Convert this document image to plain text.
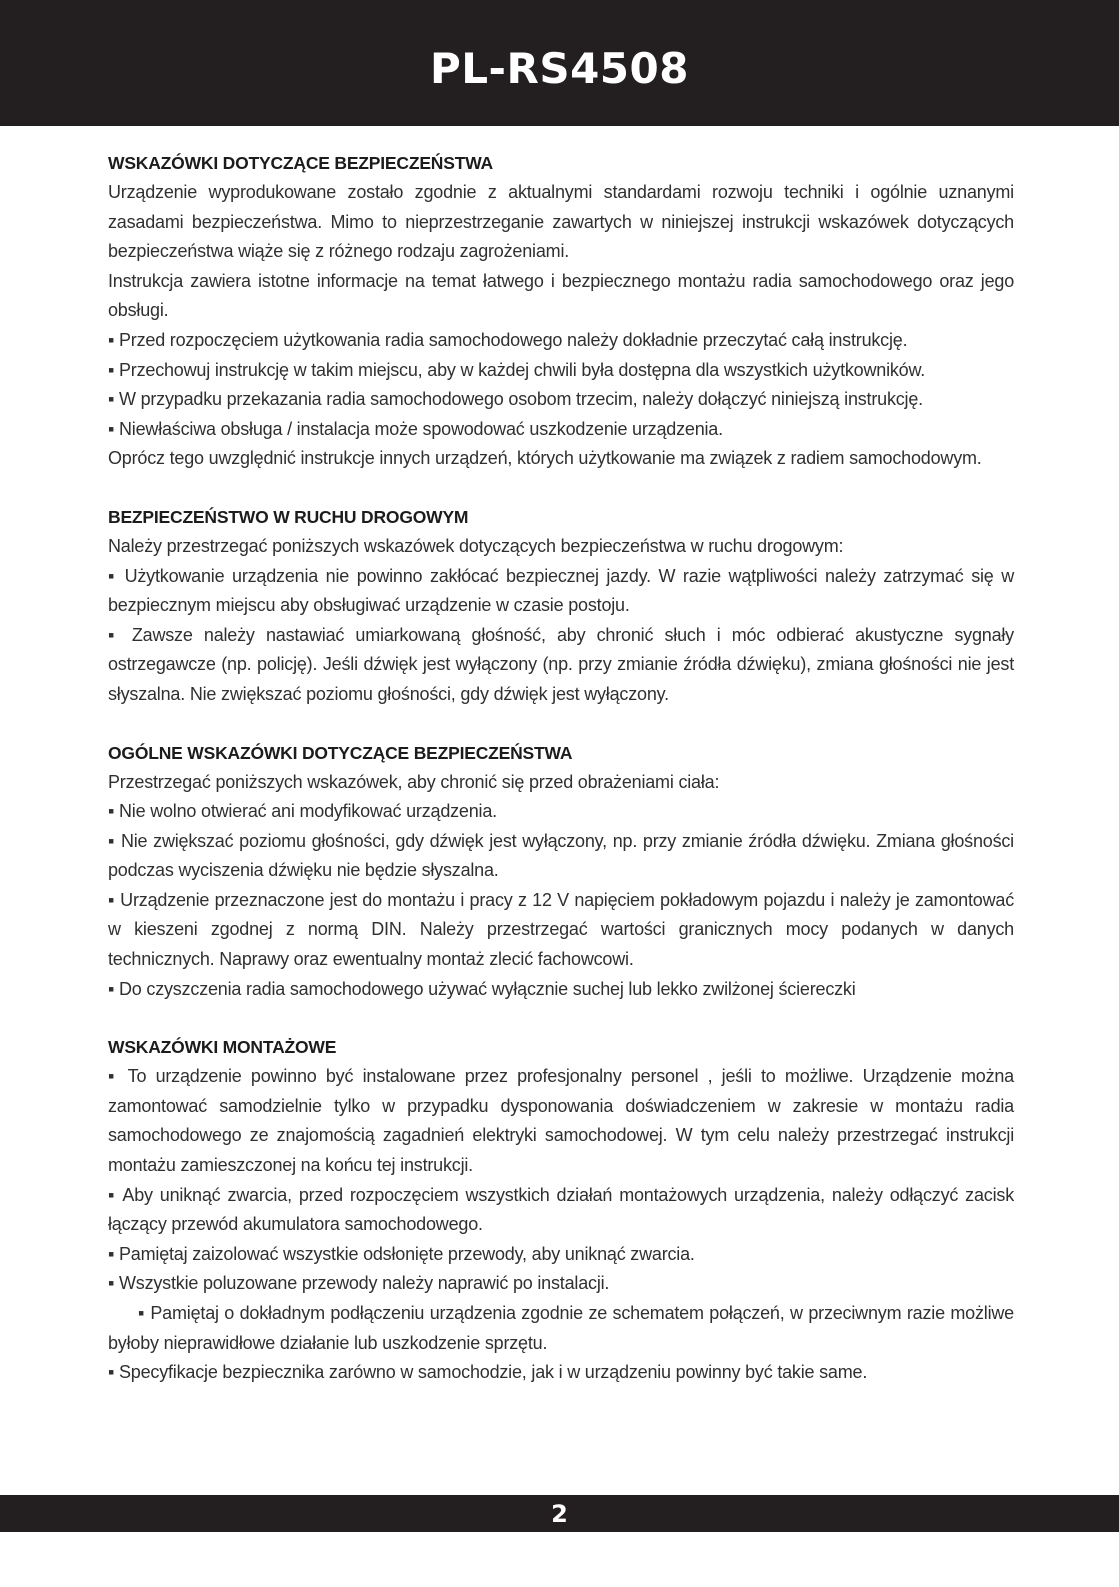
PL-RS4508

WSKAZÓWKI DOTYCZĄCE BEZPIECZEŃSTWA

Urządzenie wyprodukowane zostało zgodnie z aktualnymi standardami rozwoju techniki i ogólnie uznanymi zasadami bezpieczeństwa. Mimo to nieprzestrzeganie zawartych w niniejszej instrukcji wskazówek dotyczących bezpieczeństwa wiąże się z różnego rodzaju zagrożeniami.

Instrukcja zawiera istotne informacje na temat łatwego i bezpiecznego montażu radia samochodowego oraz jego obsługi.

▪ Przed rozpoczęciem użytkowania radia samochodowego należy dokładnie przeczytać całą instrukcję.

▪ Przechowuj instrukcję w takim miejscu, aby w każdej chwili była dostępna dla wszystkich użytkowników.

▪ W przypadku przekazania radia samochodowego osobom trzecim, należy dołączyć niniejszą instrukcję.

▪ Niewłaściwa obsługa / instalacja może spowodować uszkodzenie urządzenia.

Oprócz tego uwzględnić instrukcje innych urządzeń, których użytkowanie ma związek z radiem samochodowym.

BEZPIECZEŃSTWO W RUCHU DROGOWYM

Należy przestrzegać poniższych wskazówek dotyczących bezpieczeństwa w ruchu drogowym:

▪ Użytkowanie urządzenia nie powinno zakłócać bezpiecznej jazdy. W razie wątpliwości należy zatrzymać się w bezpiecznym miejscu aby obsługiwać urządzenie w czasie postoju.

▪ Zawsze należy nastawiać umiarkowaną głośność, aby chronić słuch i móc odbierać akustyczne sygnały ostrzegawcze (np. policję). Jeśli dźwięk jest wyłączony (np. przy zmianie źródła dźwięku), zmiana głośności nie jest słyszalna. Nie zwiększać poziomu głośności, gdy dźwięk jest wyłączony.

OGÓLNE WSKAZÓWKI DOTYCZĄCE BEZPIECZEŃSTWA

Przestrzegać poniższych wskazówek, aby chronić się przed obrażeniami ciała:

▪ Nie wolno otwierać ani modyfikować urządzenia.

▪ Nie zwiększać poziomu głośności, gdy dźwięk jest wyłączony, np. przy zmianie źródła dźwięku. Zmiana głośności podczas wyciszenia dźwięku nie będzie słyszalna.

▪ Urządzenie przeznaczone jest do montażu i pracy z 12 V napięciem pokładowym pojazdu i należy je zamontować w kieszeni zgodnej z normą DIN. Należy przestrzegać wartości granicznych mocy podanych w danych technicznych. Naprawy oraz ewentualny montaż zlecić fachowcowi.

▪ Do czyszczenia radia samochodowego używać wyłącznie suchej lub lekko zwilżonej ściereczki

WSKAZÓWKI MONTAŻOWE

▪ To urządzenie powinno być instalowane przez profesjonalny personel , jeśli to możliwe. Urządzenie można zamontować samodzielnie tylko w przypadku dysponowania doświadczeniem w zakresie w montażu radia samochodowego ze znajomością zagadnień elektryki samochodowej. W tym celu należy przestrzegać instrukcji montażu zamieszczonej na końcu tej instrukcji.

▪ Aby uniknąć zwarcia, przed rozpoczęciem wszystkich działań montażowych urządzenia, należy odłączyć zacisk łączący przewód akumulatora samochodowego.

▪ Pamiętaj zaizolować wszystkie odsłonięte przewody, aby uniknąć zwarcia.

▪ Wszystkie poluzowane przewody należy naprawić po instalacji.

▪ Pamiętaj o dokładnym podłączeniu urządzenia zgodnie ze schematem połączeń, w przeciwnym razie możliwe byłoby nieprawidłowe działanie lub uszkodzenie sprzętu.

▪ Specyfikacje bezpiecznika zarówno w samochodzie, jak i w urządzeniu powinny być takie same.

2
